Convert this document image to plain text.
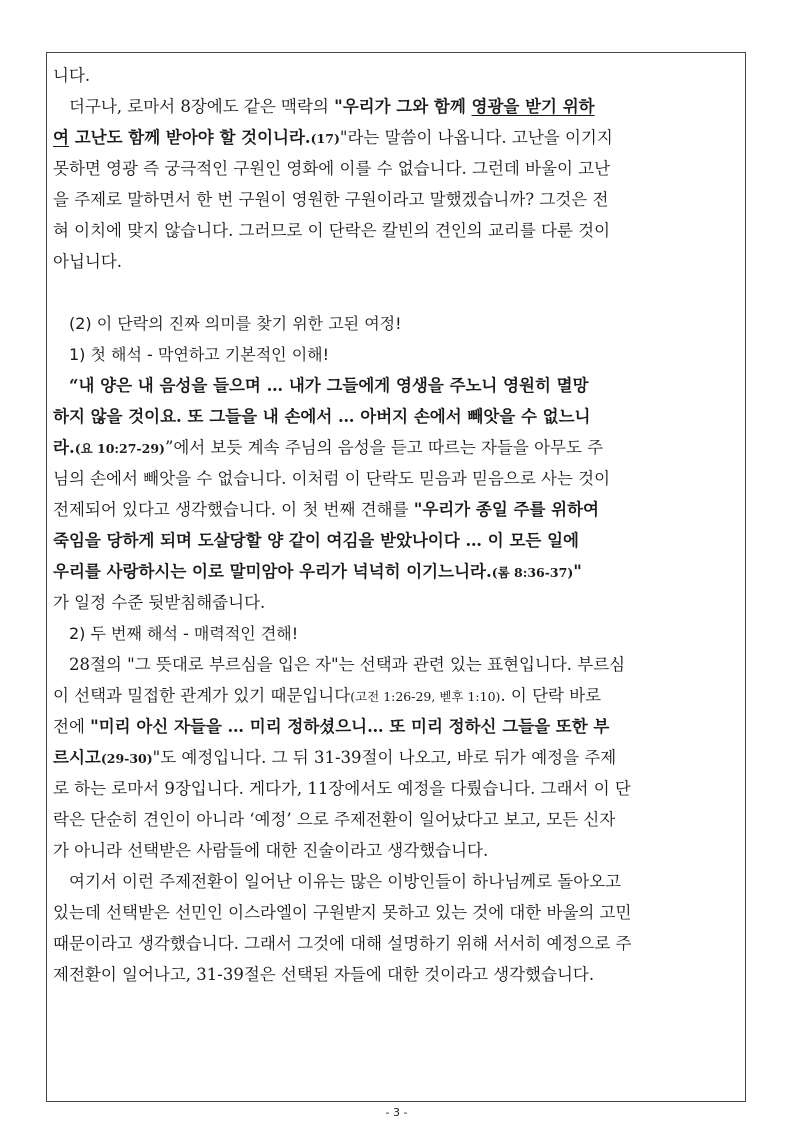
니다.
더구나, 로마서 8장에도 같은 맥락의 "우리가 그와 함께 영광을 받기 위하
여 고난도 함께 받아야 할 것이니라.(17)"라는 말씀이 나옵니다. 고난을 이기지
못하면 영광 즉 궁극적인 구원인 영화에 이를 수 없습니다. 그런데 바울이 고난
을 주제로 말하면서 한 번 구원이 영원한 구원이라고 말했겠습니까? 그것은 전
혀 이치에 맞지 않습니다. 그러므로 이 단락은 칼빈의 견인의 교리를 다룬 것이
아닙니다.
(2) 이 단락의 진짜 의미를 찾기 위한 고된 여정!
1) 첫 해석 - 막연하고 기본적인 이해!
“내 양은 내 음성을 들으며 … 내가 그들에게 영생을 주노니 영원히 멸망
하지 않을 것이요. 또 그들을 내 손에서 … 아버지 손에서 빼앗을 수 없느니
라.(요 10:27-29)”에서 보듯 계속 주님의 음성을 듣고 따르는 자들을 아무도 주
님의 손에서 빼앗을 수 없습니다. 이처럼 이 단락도 믿음과 믿음으로 사는 것이
전제되어 있다고 생각했습니다. 이 첫 번째 견해를 "우리가 종일 주를 위하여
죽임을 당하게 되며 도살당할 양 같이 여김을 받았나이다 … 이 모든 일에
우리를 사랑하시는 이로 말미암아 우리가 넉넉히 이기느니라.(롬 8:36-37)"
가 일정 수준 뒷받침해줍니다.
2) 두 번째 해석 - 매력적인 견해!
28절의 "그 뜻대로 부르심을 입은 자"는 선택과 관련 있는 표현입니다. 부르심
이 선택과 밀접한 관계가 있기 때문입니다(고전 1:26-29, 벧후 1:10). 이 단락 바로
전에 "미리 아신 자들을 … 미리 정하셨으니… 또 미리 정하신 그들을 또한 부
르시고(29-30)"도 예정입니다. 그 뒤 31-39절이 나오고, 바로 뒤가 예정을 주제
로 하는 로마서 9장입니다. 게다가, 11장에서도 예정을 다뤘습니다. 그래서 이 단
락은 단순히 견인이 아니라 ‘예정’ 으로 주제전환이 일어났다고 보고, 모든 신자
가 아니라 선택받은 사람들에 대한 진술이라고 생각했습니다.
여기서 이런 주제전환이 일어난 이유는 많은 이방인들이 하나님께로 돌아오고
있는데 선택받은 선민인 이스라엘이 구원받지 못하고 있는 것에 대한 바울의 고민
때문이라고 생각했습니다. 그래서 그것에 대해 설명하기 위해 서서히 예정으로 주
제전환이 일어나고, 31-39절은 선택된 자들에 대한 것이라고 생각했습니다.
- 3 -
